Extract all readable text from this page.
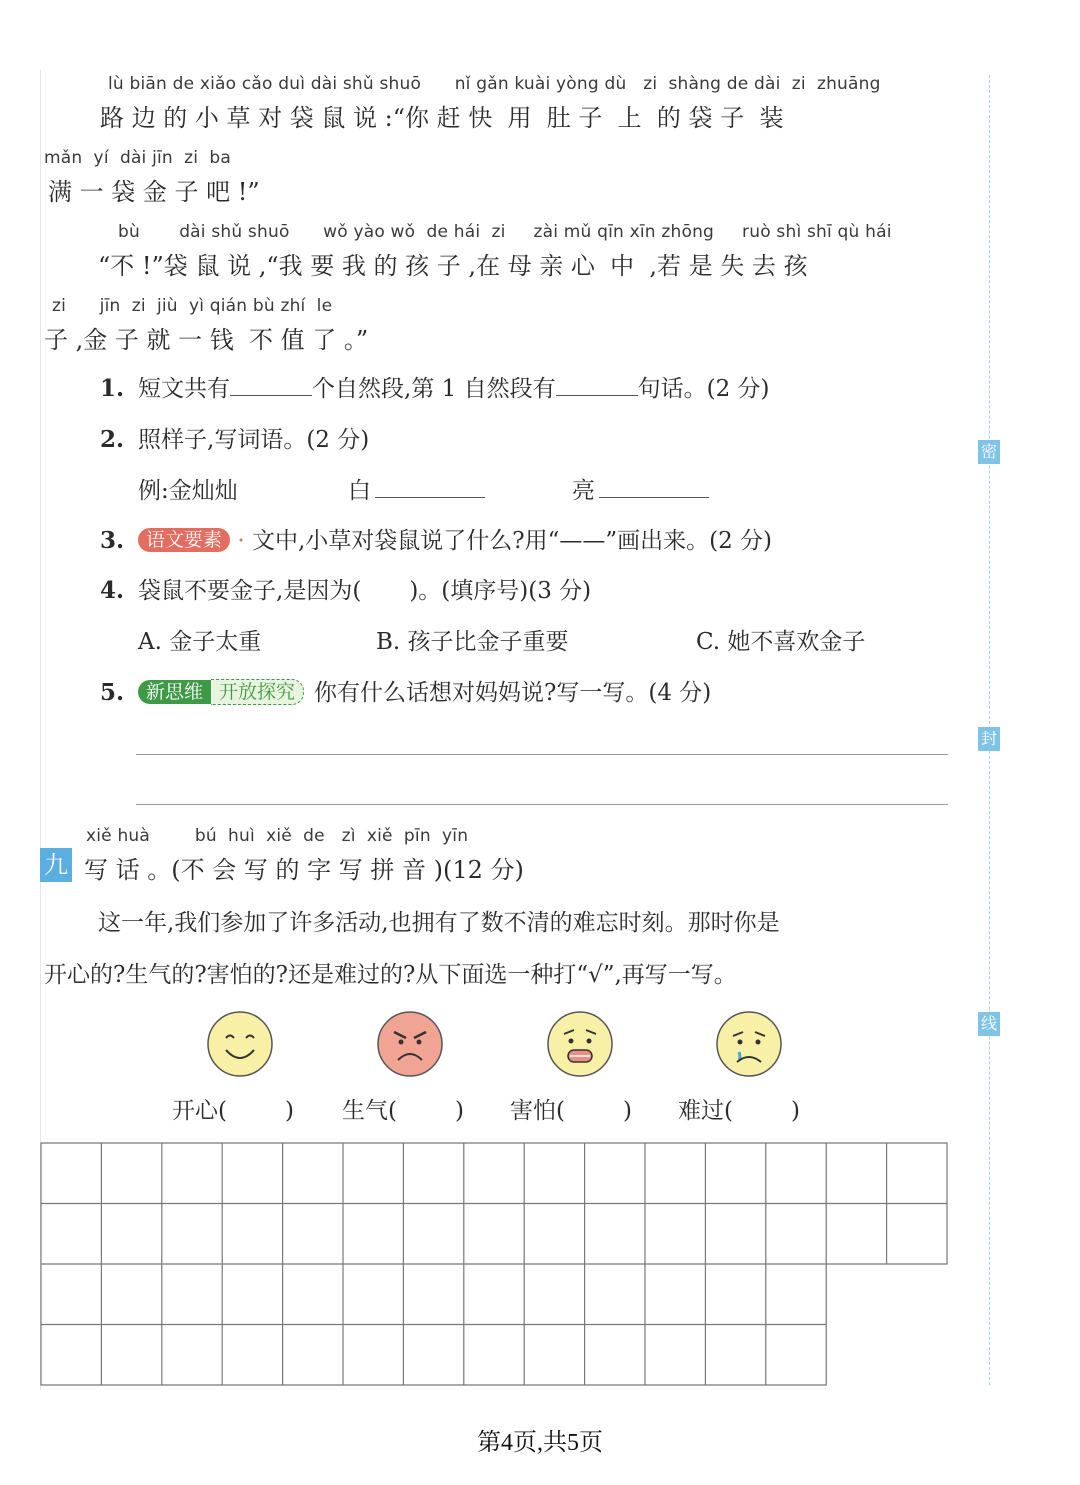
密
封
线
lù biān de xiǎo cǎo duì dài shǔ shuō      nǐ gǎn kuài yòng dù   zi  shàng de dài  zi  zhuāng
路 边 的 小 草 对 袋 鼠 说 :“你 赶 快  用  肚 子  上  的 袋 子  装
mǎn  yí  dài jīn  zi  ba
满 一 袋 金 子 吧 !”
bù       dài shǔ shuō      wǒ yào wǒ  de hái  zi     zài mǔ qīn xīn zhōng     ruò shì shī qù hái
“不 !”袋 鼠 说 ,“我 要 我 的 孩 子 ,在 母 亲 心  中  ,若 是 失 去 孩
zi      jīn  zi  jiù  yì qián bù zhí  le
子 ,金 子 就 一 钱  不 值 了 。”
1. 短文共有	个自然段,第 1 自然段有	句话。(2 分)
2. 照样子,写词语。(2 分)
例:金灿灿	白	亮
3. 语文要素 · 文中,小草对袋鼠说了什么?用“——”画出来。(2 分)
4. 袋鼠不要金子,是因为( )。(填序号)(3 分)
A. 金子太重	B. 孩子比金子重要	C. 她不喜欢金子
5. 新思维 开放探究 你有什么话想对妈妈说?写一写。(4 分)
xiě huà        bú  huì  xiě  de   zì  xiě  pīn  yīn
九 写 话 。(不 会 写 的 字 写 拼 音 )(12 分)
这一年,我们参加了许多活动,也拥有了数不清的难忘时刻。那时你是
开心的?生气的?害怕的?还是难过的?从下面选一种打“√”,再写一写。
开心(	) 生气(	) 害怕(	) 难过(	)
第4页,共5页
